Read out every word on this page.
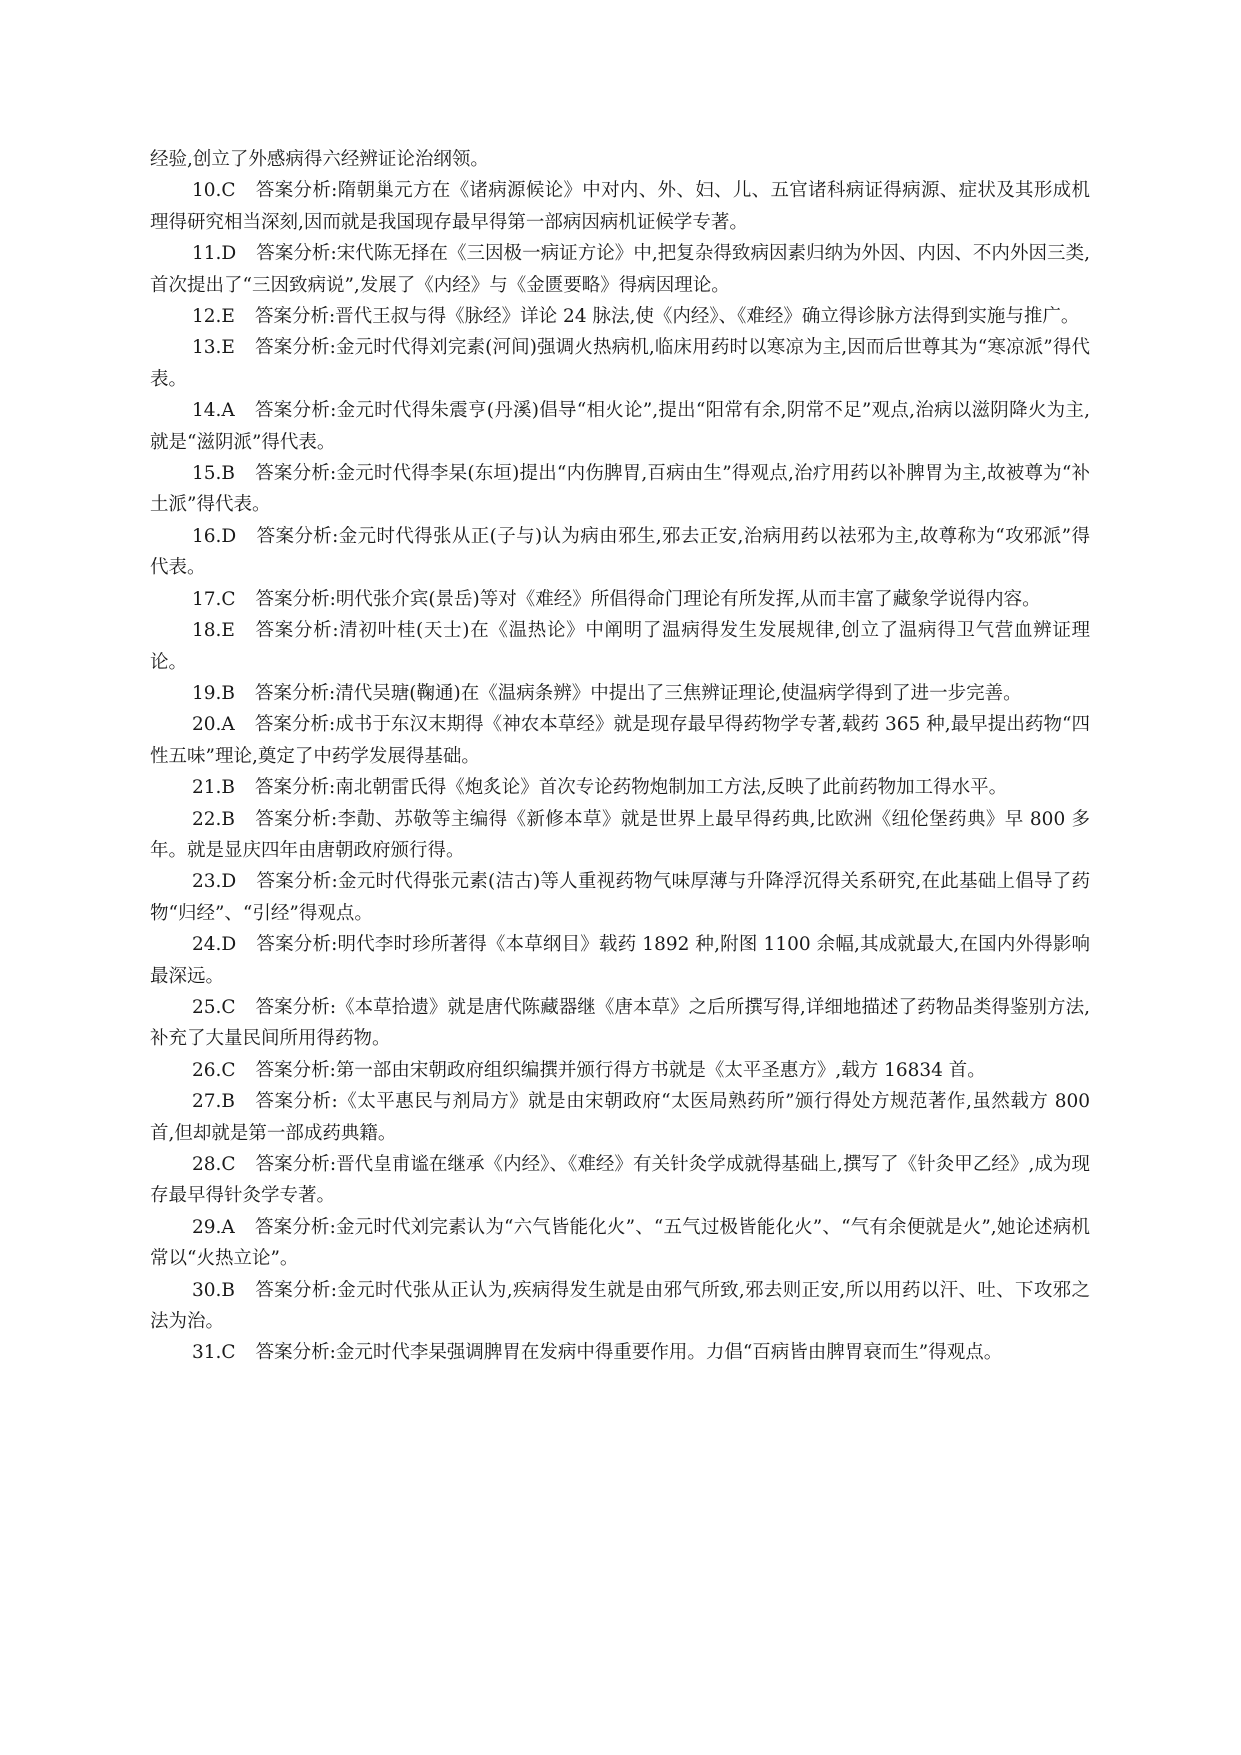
经验,创立了外感病得六经辨证论治纲领。

10.C 答案分析:隋朝巢元方在《诸病源候论》中对内、外、妇、儿、五官诸科病证得病源、症状及其形成机理得研究相当深刻,因而就是我国现存最早得第一部病因病机证候学专著。

11.D 答案分析:宋代陈无择在《三因极一病证方论》中,把复杂得致病因素归纳为外因、内因、不内外因三类,首次提出了“三因致病说”,发展了《内经》与《金匮要略》得病因理论。

12.E 答案分析:晋代王叔与得《脉经》详论 24 脉法,使《内经》、《难经》确立得诊脉方法得到实施与推广。

13.E 答案分析:金元时代得刘完素(河间)强调火热病机,临床用药时以寒凉为主,因而后世尊其为“寒凉派”得代表。

14.A 答案分析:金元时代得朱震亨(丹溪)倡导“相火论”,提出“阳常有余,阴常不足”观点,治病以滋阴降火为主,就是“滋阴派”得代表。

15.B 答案分析:金元时代得李杲(东垣)提出“内伤脾胃,百病由生”得观点,治疗用药以补脾胃为主,故被尊为“补土派”得代表。

16.D 答案分析:金元时代得张从正(子与)认为病由邪生,邪去正安,治病用药以祛邪为主,故尊称为“攻邪派”得代表。

17.C 答案分析:明代张介宾(景岳)等对《难经》所倡得命门理论有所发挥,从而丰富了藏象学说得内容。

18.E 答案分析:清初叶桂(天士)在《温热论》中阐明了温病得发生发展规律,创立了温病得卫气营血辨证理论。

19.B 答案分析:清代吴瑭(鞠通)在《温病条辨》中提出了三焦辨证理论,使温病学得到了进一步完善。

20.A 答案分析:成书于东汉末期得《神农本草经》就是现存最早得药物学专著,载药 365 种,最早提出药物“四性五味”理论,奠定了中药学发展得基础。

21.B 答案分析:南北朝雷氏得《炮炙论》首次专论药物炮制加工方法,反映了此前药物加工得水平。

22.B 答案分析:李勣、苏敬等主编得《新修本草》就是世界上最早得药典,比欧洲《纽伦堡药典》早 800 多年。就是显庆四年由唐朝政府颁行得。

23.D 答案分析:金元时代得张元素(洁古)等人重视药物气味厚薄与升降浮沉得关系研究,在此基础上倡导了药物“归经”、“引经”得观点。

24.D 答案分析:明代李时珍所著得《本草纲目》载药 1892 种,附图 1100 余幅,其成就最大,在国内外得影响最深远。

25.C 答案分析:《本草拾遗》就是唐代陈藏器继《唐本草》之后所撰写得,详细地描述了药物品类得鉴别方法,补充了大量民间所用得药物。

26.C 答案分析:第一部由宋朝政府组织编撰并颁行得方书就是《太平圣惠方》,载方 16834 首。

27.B 答案分析:《太平惠民与剂局方》就是由宋朝政府“太医局熟药所”颁行得处方规范著作,虽然载方 800 首,但却就是第一部成药典籍。

28.C 答案分析:晋代皇甫谧在继承《内经》、《难经》有关针灸学成就得基础上,撰写了《针灸甲乙经》,成为现存最早得针灸学专著。

29.A 答案分析:金元时代刘完素认为“六气皆能化火”、“五气过极皆能化火”、“气有余便就是火”,她论述病机常以“火热立论”。

30.B 答案分析:金元时代张从正认为,疾病得发生就是由邪气所致,邪去则正安,所以用药以汗、吐、下攻邪之法为治。

31.C 答案分析:金元时代李杲强调脾胃在发病中得重要作用。力倡“百病皆由脾胃衰而生”得观点。
